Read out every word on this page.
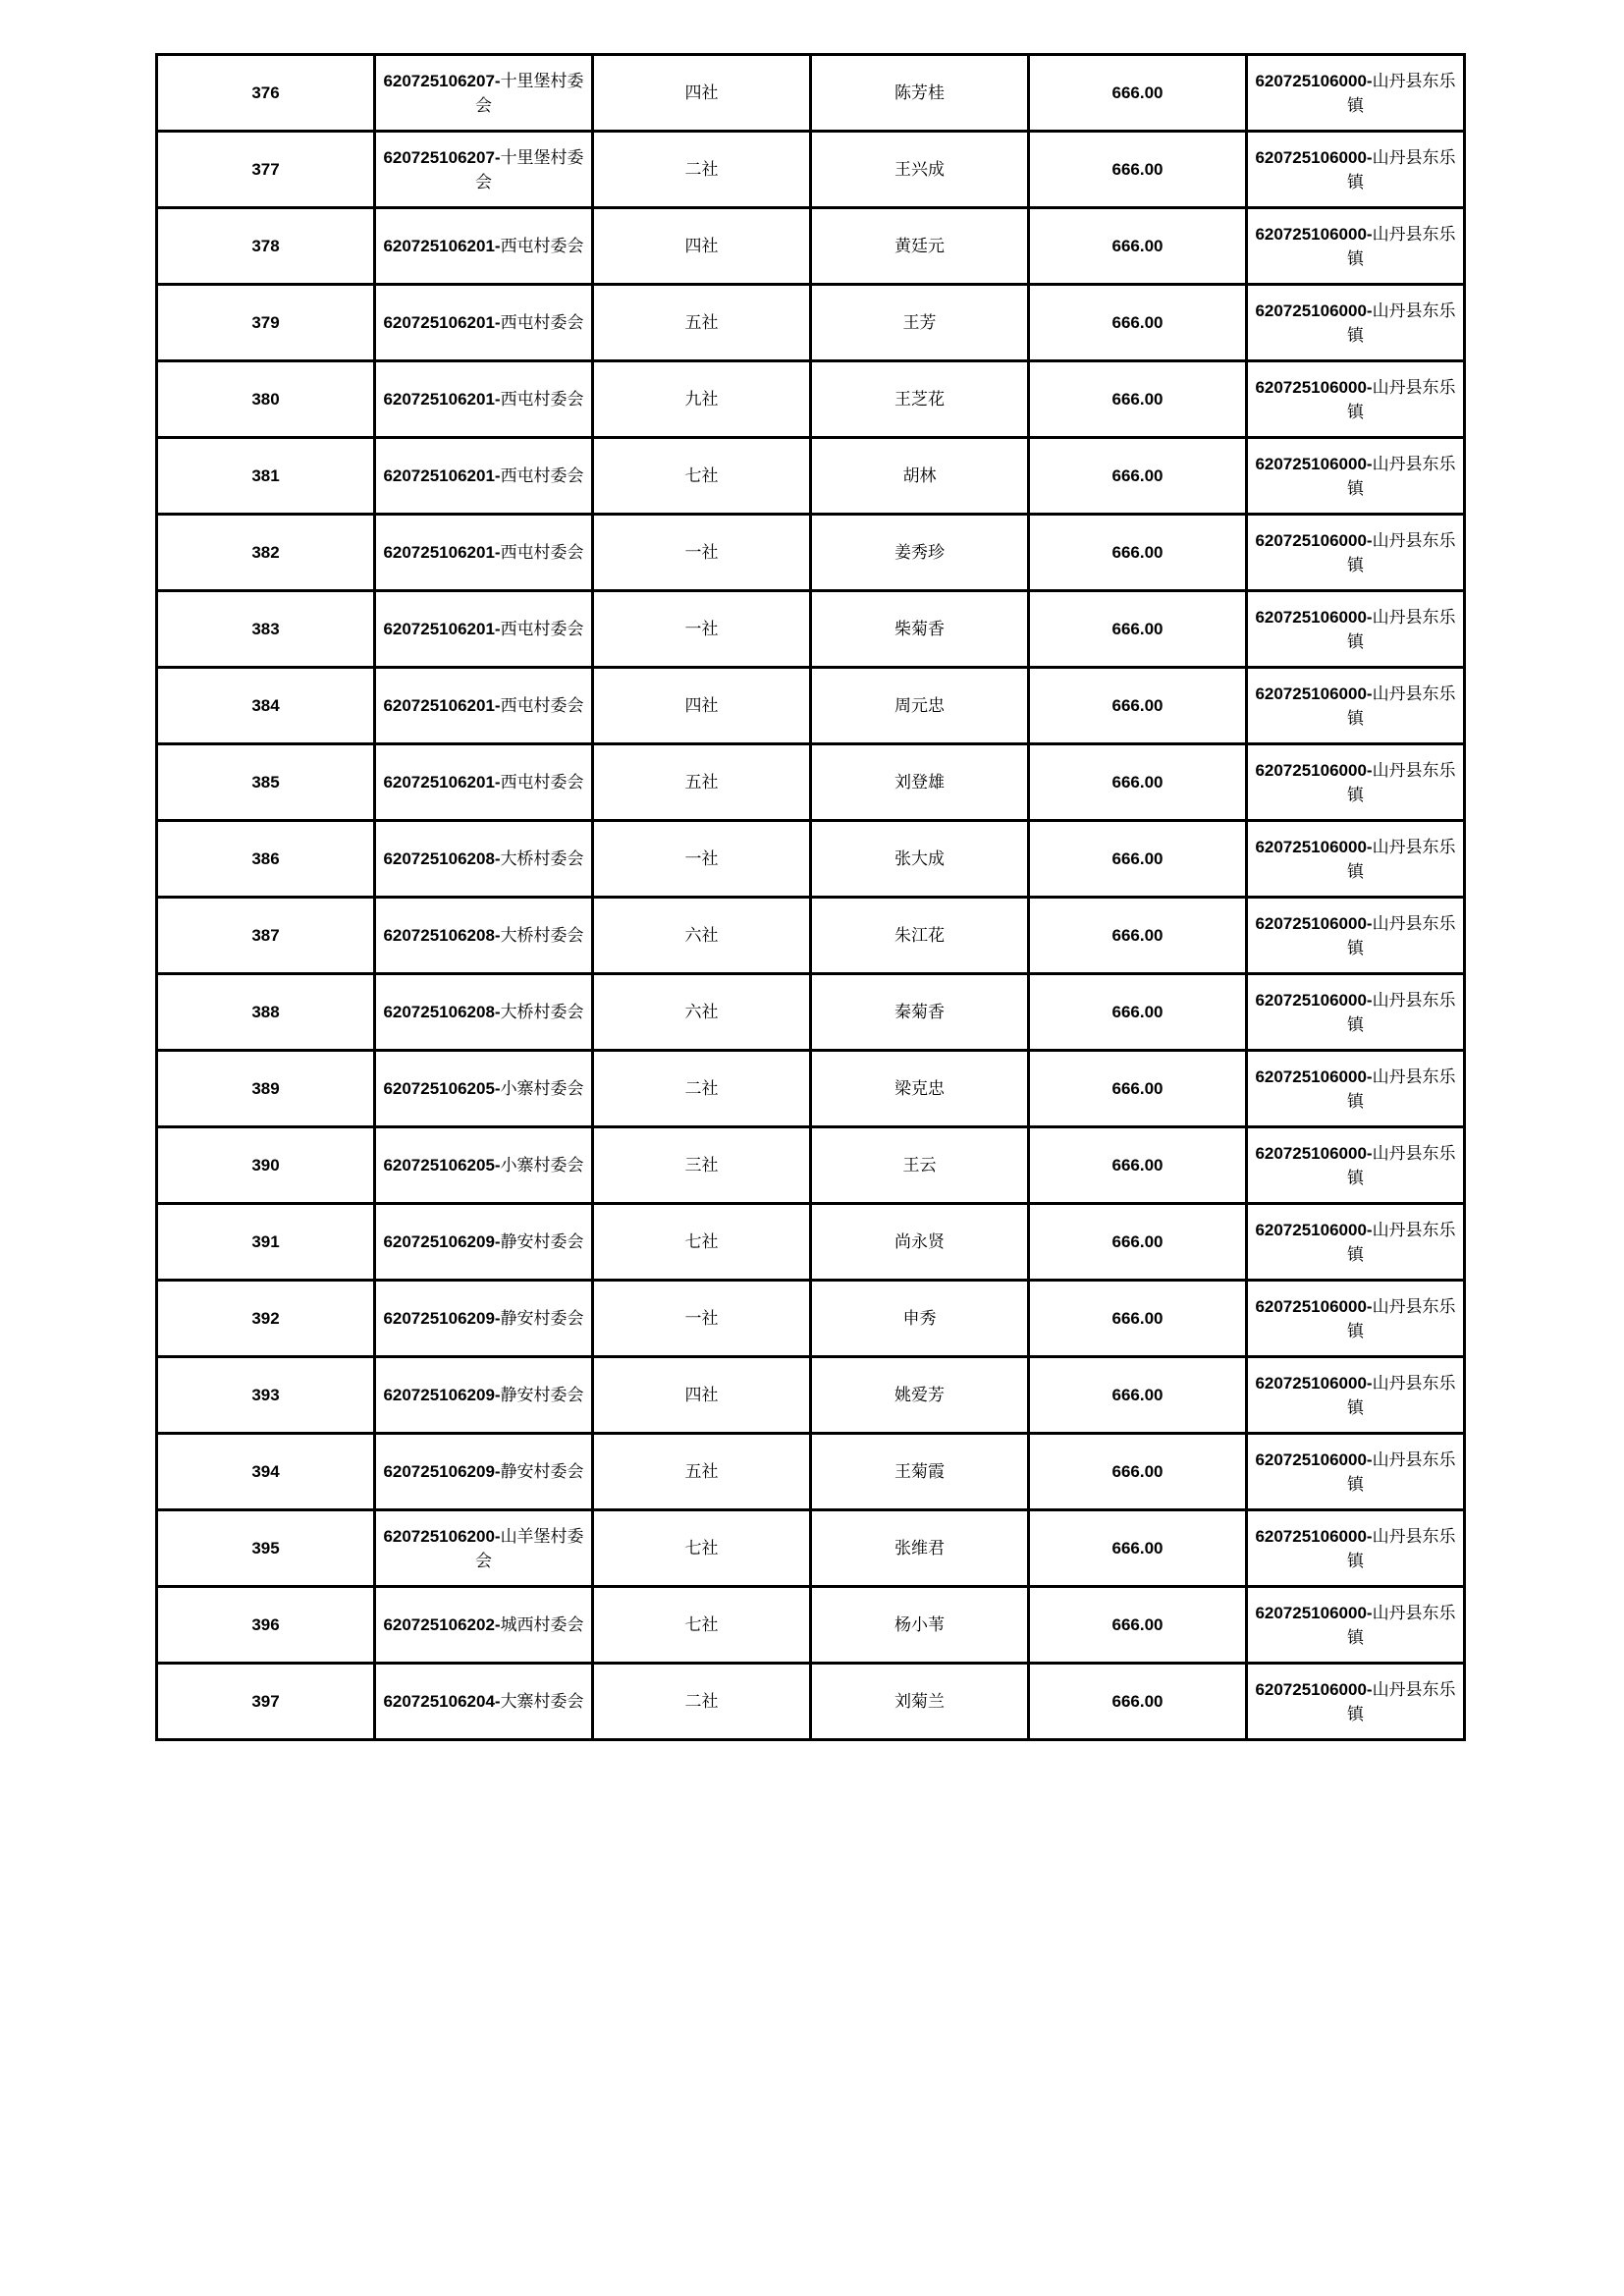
376	620725106207-十里堡村委会	四社	陈芳桂	666.00	620725106000-山丹县东乐镇
377	620725106207-十里堡村委会	二社	王兴成	666.00	620725106000-山丹县东乐镇
378	620725106201-西屯村委会	四社	黄廷元	666.00	620725106000-山丹县东乐镇
379	620725106201-西屯村委会	五社	王芳	666.00	620725106000-山丹县东乐镇
380	620725106201-西屯村委会	九社	王芝花	666.00	620725106000-山丹县东乐镇
381	620725106201-西屯村委会	七社	胡林	666.00	620725106000-山丹县东乐镇
382	620725106201-西屯村委会	一社	姜秀珍	666.00	620725106000-山丹县东乐镇
383	620725106201-西屯村委会	一社	柴菊香	666.00	620725106000-山丹县东乐镇
384	620725106201-西屯村委会	四社	周元忠	666.00	620725106000-山丹县东乐镇
385	620725106201-西屯村委会	五社	刘登雄	666.00	620725106000-山丹县东乐镇
386	620725106208-大桥村委会	一社	张大成	666.00	620725106000-山丹县东乐镇
387	620725106208-大桥村委会	六社	朱江花	666.00	620725106000-山丹县东乐镇
388	620725106208-大桥村委会	六社	秦菊香	666.00	620725106000-山丹县东乐镇
389	620725106205-小寨村委会	二社	梁克忠	666.00	620725106000-山丹县东乐镇
390	620725106205-小寨村委会	三社	王云	666.00	620725106000-山丹县东乐镇
391	620725106209-静安村委会	七社	尚永贤	666.00	620725106000-山丹县东乐镇
392	620725106209-静安村委会	一社	申秀	666.00	620725106000-山丹县东乐镇
393	620725106209-静安村委会	四社	姚爱芳	666.00	620725106000-山丹县东乐镇
394	620725106209-静安村委会	五社	王菊霞	666.00	620725106000-山丹县东乐镇
395	620725106200-山羊堡村委会	七社	张维君	666.00	620725106000-山丹县东乐镇
396	620725106202-城西村委会	七社	杨小苇	666.00	620725106000-山丹县东乐镇
397	620725106204-大寨村委会	二社	刘菊兰	666.00	620725106000-山丹县东乐镇
